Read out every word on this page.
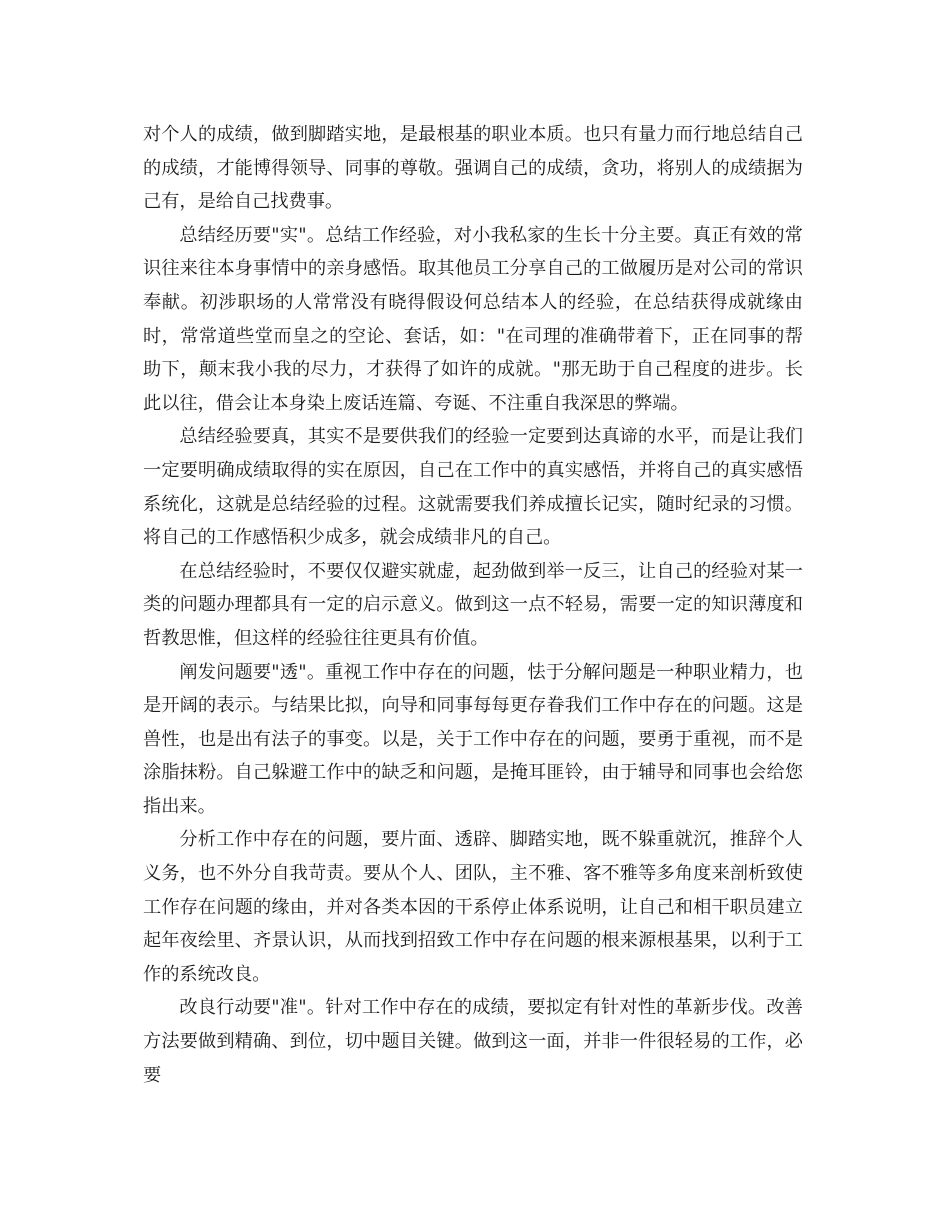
对个人的成绩，做到脚踏实地，是最根基的职业本质。也只有量力而行地总结自己的成绩，才能博得领导、同事的尊敬。强调自己的成绩，贪功，将别人的成绩据为己有，是给自己找费事。

总结经历要"实"。总结工作经验，对小我私家的生长十分主要。真正有效的常识往来往本身事情中的亲身感悟。取其他员工分享自己的工做履历是对公司的常识奉献。初涉职场的人常常没有晓得假设何总结本人的经验，在总结获得成就缘由时，常常道些堂而皇之的空论、套话，如："在司理的准确带着下，正在同事的帮助下，颠末我小我的尽力，才获得了如许的成就。"那无助于自己程度的进步。长此以往，借会让本身染上废话连篇、夸诞、不注重自我深思的弊端。

总结经验要真，其实不是要供我们的经验一定要到达真谛的水平，而是让我们一定要明确成绩取得的实在原因，自己在工作中的真实感悟，并将自己的真实感悟系统化，这就是总结经验的过程。这就需要我们养成擅长记实，随时纪录的习惯。将自己的工作感悟积少成多，就会成绩非凡的自己。

在总结经验时，不要仅仅避实就虚，起劲做到举一反三，让自己的经验对某一类的问题办理都具有一定的启示意义。做到这一点不轻易，需要一定的知识薄度和哲教思惟，但这样的经验往往更具有价值。

阐发问题要"透"。重视工作中存在的问题，怯于分解问题是一种职业精力，也是开阔的表示。与结果比拟，向导和同事每每更存眷我们工作中存在的问题。这是兽性，也是出有法子的事变。以是，关于工作中存在的问题，要勇于重视，而不是涂脂抹粉。自己躲避工作中的缺乏和问题，是掩耳匪铃，由于辅导和同事也会给您指出来。

分析工作中存在的问题，要片面、透辟、脚踏实地，既不躲重就沉，推辞个人义务，也不外分自我苛责。要从个人、团队，主不雅、客不雅等多角度来剖析致使工作存在问题的缘由，并对各类本因的干系停止体系说明，让自己和相干职员建立起年夜绘里、齐景认识，从而找到招致工作中存在问题的根来源根基果，以利于工作的系统改良。

改良行动要"准"。针对工作中存在的成绩，要拟定有针对性的革新步伐。改善方法要做到精确、到位，切中题目关键。做到这一面，并非一件很轻易的工作，必要
